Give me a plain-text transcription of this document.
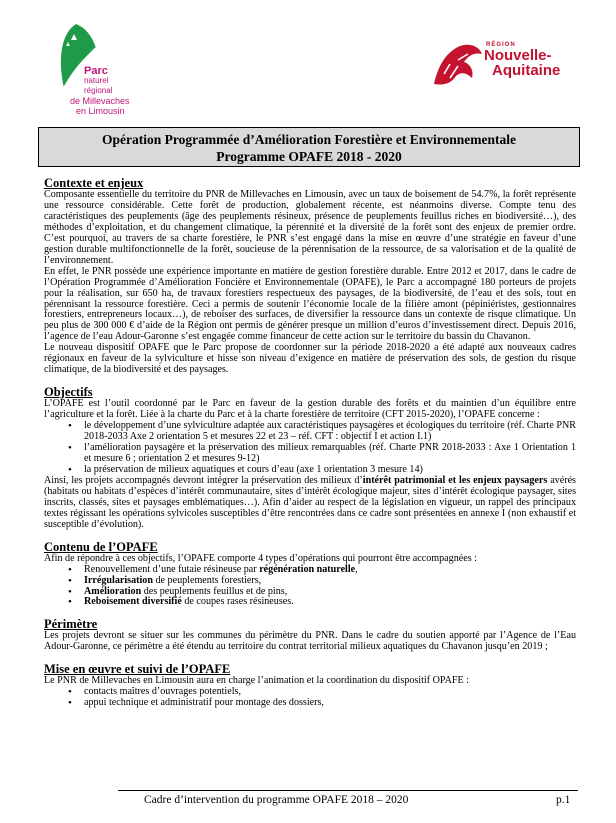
Parc
naturel
régional
de Millevaches
en Limousin
RÉGION
Nouvelle-
Aquitaine
Opération Programmée d’Amélioration Forestière et Environnementale
Programme OPAFE 2018 - 2020

Contexte et enjeux

Composante essentielle du territoire du PNR de Millevaches en Limousin, avec un taux de boisement de 54.7%, la forêt représente une ressource considérable. Cette forêt de production, globalement récente, est néanmoins diverse. Compte tenu des caractéristiques des peuplements (âge des peuplements résineux, présence de peuplements feuillus riches en biodiversité…), des méthodes d’exploitation, et du changement climatique, la pérennité et la diversité de la forêt sont des enjeux de premier ordre. C’est pourquoi, au travers de sa charte forestière, le PNR s’est engagé dans la mise en œuvre d’une stratégie en faveur d’une gestion durable multifonctionnelle de la forêt, soucieuse de la pérennisation de la ressource, de sa valorisation et de la qualité de l’environnement.

En effet, le PNR possède une expérience importante en matière de gestion forestière durable. Entre 2012 et 2017, dans le cadre de l’Opération Programmée d’Amélioration Foncière et Environnementale (OPAFE), le Parc a accompagné 180 porteurs de projets pour la réalisation, sur 650 ha, de travaux forestiers respectueux des paysages, de la biodiversité, de l’eau et des sols, tout en pérennisant la ressource forestière. Ceci a permis de soutenir l’économie locale de la filière amont (pépiniéristes, gestionnaires forestiers, entrepreneurs locaux…), de reboiser des surfaces, de diversifier la ressource dans un contexte de risque climatique. Un peu plus de 300 000 € d’aide de la Région ont permis de générer presque un million d’euros d’investissement direct. Depuis 2016, l’agence de l’eau Adour-Garonne s’est engagée comme financeur de cette action sur le territoire du bassin du Chavanon.

Le nouveau dispositif OPAFE que le Parc propose de coordonner sur la période 2018-2020 a été adapté aux nouveaux cadres régionaux en faveur de la sylviculture et hisse son niveau d’exigence en matière de préservation des sols, de gestion du risque climatique, de la biodiversité et des paysages.

Objectifs

L’OPAFE est l’outil coordonné par le Parc en faveur de la gestion durable des forêts et du maintien d’un équilibre entre l’agriculture et la forêt. Liée à la charte du Parc et à la charte forestière de territoire (CFT 2015-2020), l’OPAFE concerne :

• le développement d’une sylviculture adaptée aux caractéristiques paysagères et écologiques du territoire (réf. Charte PNR 2018-2033 Axe 2 orientation 5 et mesures 22 et 23 – réf. CFT : objectif I et action I.1)
• l’amélioration paysagère et la préservation des milieux remarquables (réf. Charte PNR 2018-2033 : Axe 1 Orientation 1 et mesure 6 ; orientation 2 et mesures 9-12)
• la préservation de milieux aquatiques et cours d’eau (axe 1 orientation 3 mesure 14)

Ainsi, les projets accompagnés devront intégrer la préservation des milieux d’intérêt patrimonial et les enjeux paysagers avérés (habitats ou habitats d’espèces d’intérêt communautaire, sites d’intérêt écologique majeur, sites d’intérêt écologique paysager, sites inscrits, classés, sites et paysages emblématiques…). Afin d’aider au respect de la législation en vigueur, un rappel des principaux textes régissant les opérations sylvicoles susceptibles d’être rencontrées dans ce cadre sont présentées en annexe I (non exhaustif et susceptible d’évolution).

Contenu de l’OPAFE

Afin de répondre à ces objectifs, l’OPAFE comporte 4 types d’opérations qui pourront être accompagnées :

• Renouvellement d’une futaie résineuse par régénération naturelle,
• Irrégularisation de peuplements forestiers,
• Amélioration des peuplements feuillus et de pins,
• Reboisement diversifié de coupes rases résineuses.

Périmètre

Les projets devront se situer sur les communes du périmètre du PNR. Dans le cadre du soutien apporté par l’Agence de l’Eau Adour-Garonne, ce périmètre a été étendu au territoire du contrat territorial milieux aquatiques du Chavanon jusqu’en 2019 ;

Mise en œuvre et suivi de l’OPAFE

Le PNR de Millevaches en Limousin aura en charge l’animation et la coordination du dispositif OPAFE :

• contacts maîtres d’ouvrages potentiels,
• appui technique et administratif pour montage des dossiers,
Cadre d’intervention du programme OPAFE 2018 – 2020	p.1
